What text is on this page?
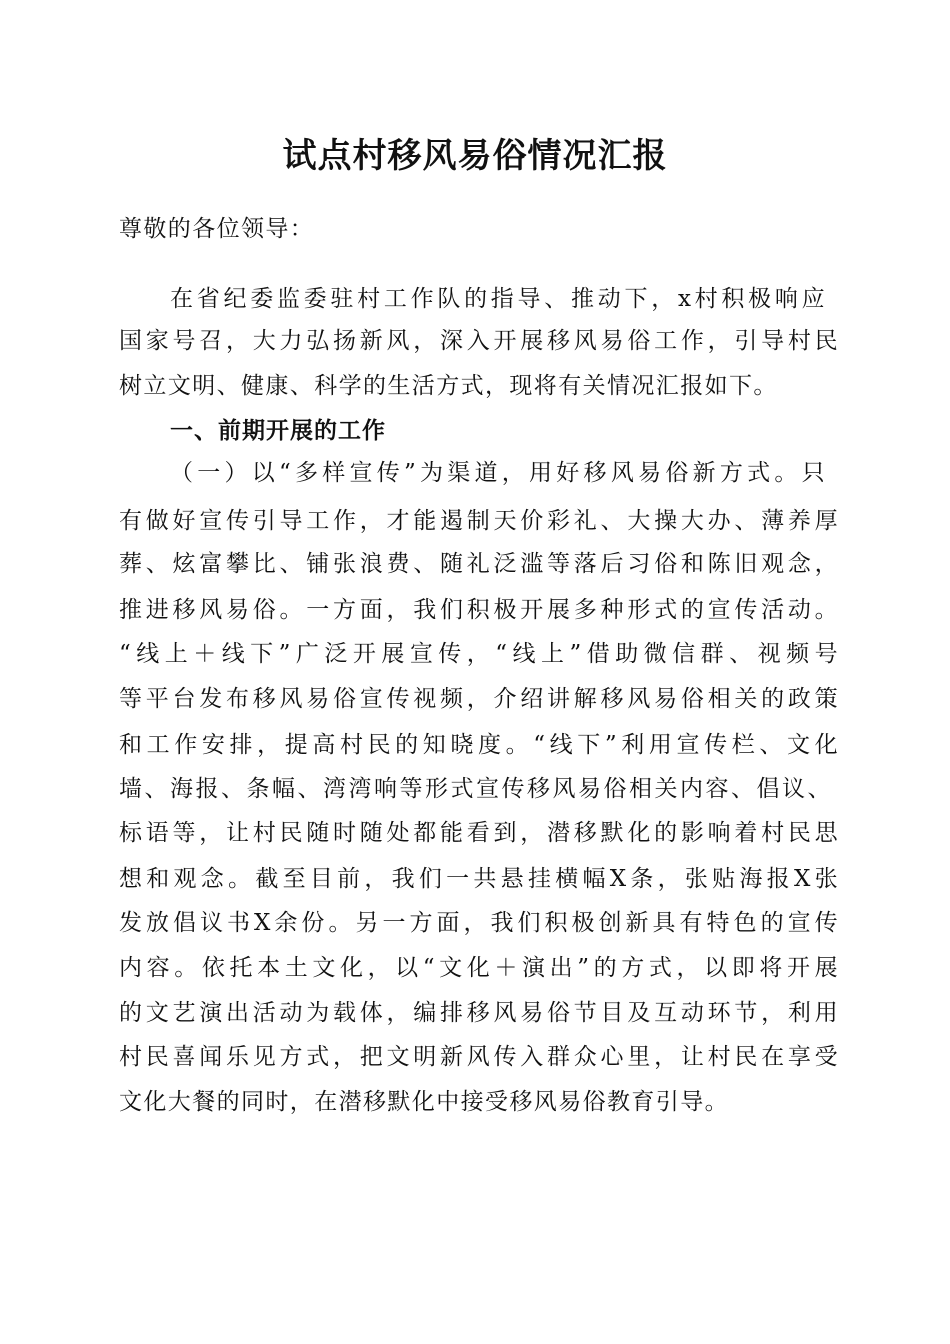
试点村移风易俗情况汇报
尊敬的各位领导：
在省纪委监委驻村工作队的指导、推动下，x村积极响应
国家号召，大力弘扬新风，深入开展移风易俗工作，引导村民
树立文明、健康、科学的生活方式，现将有关情况汇报如下。
一、前期开展的工作
（一）以“多样宣传”为渠道，用好移风易俗新方式。只
有做好宣传引导工作，才能遏制天价彩礼、大操大办、薄养厚
葬、炫富攀比、铺张浪费、随礼泛滥等落后习俗和陈旧观念，
推进移风易俗。一方面，我们积极开展多种形式的宣传活动。
“线上＋线下”广泛开展宣传，“线上”借助微信群、视频号
等平台发布移风易俗宣传视频，介绍讲解移风易俗相关的政策
和工作安排，提高村民的知晓度。“线下”利用宣传栏、文化
墙、海报、条幅、湾湾响等形式宣传移风易俗相关内容、倡议、
标语等，让村民随时随处都能看到，潜移默化的影响着村民思
想和观念。截至目前，我们一共悬挂横幅X条，张贴海报X张
发放倡议书X余份。另一方面，我们积极创新具有特色的宣传
内容。依托本土文化，以“文化＋演出”的方式，以即将开展
的文艺演出活动为载体，编排移风易俗节目及互动环节，利用
村民喜闻乐见方式，把文明新风传入群众心里，让村民在享受
文化大餐的同时，在潜移默化中接受移风易俗教育引导。
